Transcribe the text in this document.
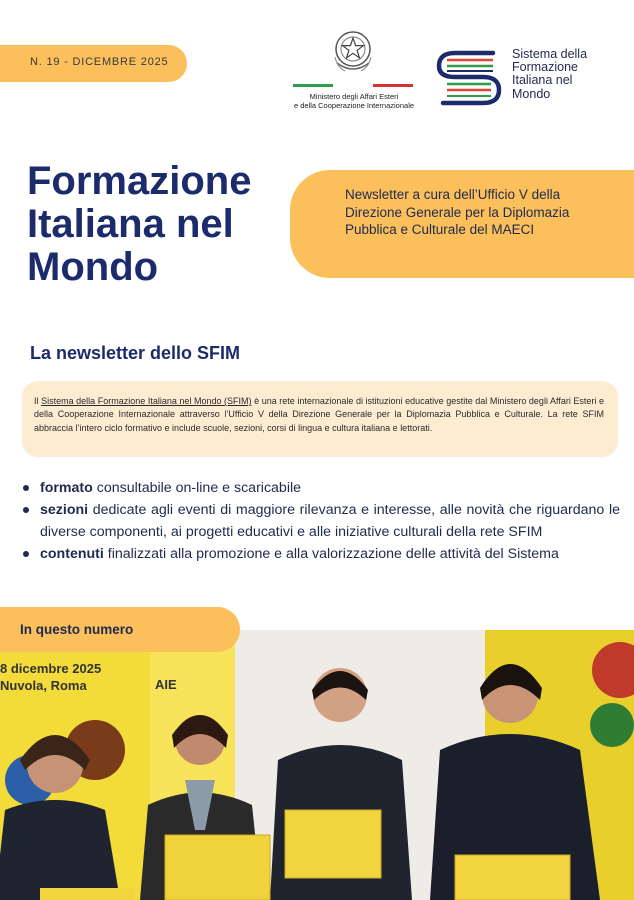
N. 19 - DICEMBRE 2025
Ministero degli Affari Esteri
e della Cooperazione Internazionale
Sistema della
Formazione
Italiana nel
Mondo
Formazione
Italiana nel
Mondo
Newsletter a cura dell’Ufficio V della Direzione Generale per la Diplomazia Pubblica e Culturale del MAECI
La newsletter dello SFIM
Il Sistema della Formazione Italiana nel Mondo (SFIM) è una rete internazionale di istituzioni educative gestite dal Ministero degli Affari Esteri e della Cooperazione Internazionale attraverso l’Ufficio V della Direzione Generale per la Diplomazia Pubblica e Culturale. La rete SFIM abbraccia l’intero ciclo formativo e include scuole, sezioni, corsi di lingua e cultura italiana e lettorati.
formato consultabile on-line e scaricabile
sezioni dedicate agli eventi di maggiore rilevanza e interesse, alle novità che riguardano le diverse componenti, ai progetti educativi e alle iniziative culturali della rete SFIM
contenuti finalizzati alla promozione e alla valorizzazione delle attività del Sistema
8 dicembre 2025
Nuvola, Roma	AIE
In questo numero
